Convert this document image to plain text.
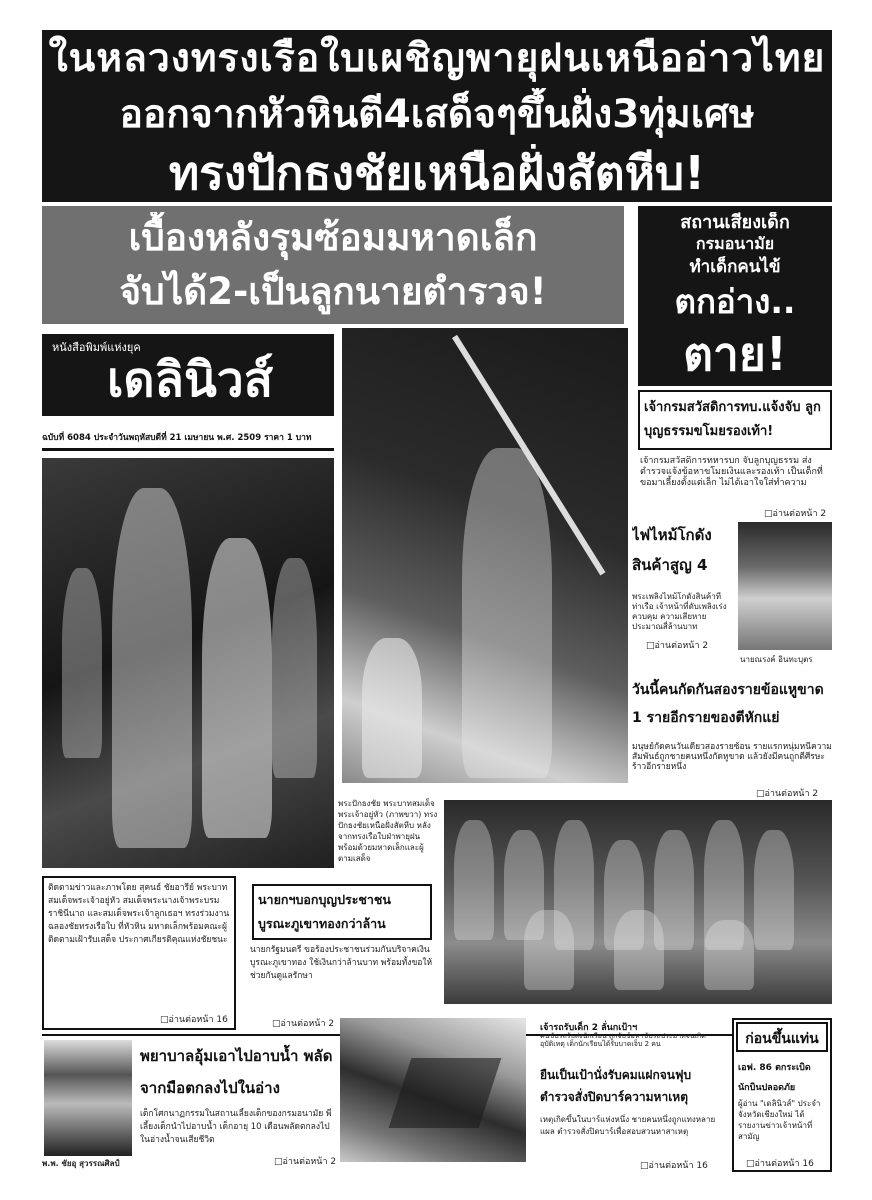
ในหลวงทรงเรือใบเผชิญพายุฝนเหนืออ่าวไทย
ออกจากหัวหินตี4เสด็จๆขึ้นฝั่ง3ทุ่มเศษ
ทรงปักธงชัยเหนือฝั่งสัตหีบ!
เบื้องหลังรุมซ้อมมหาดเล็ก
จับได้2-เป็นลูกนายตำรวจ!
สถานเสียงเด็ก
กรมอนามัย
ทำเด็กคนไข้
ตกอ่าง..
ตาย!
หนังสือพิมพ์แห่งยุค
เดลินิวส์
ฉบับที่ 6084 ประจำวันพฤหัสบดีที่ 21 เมษายน พ.ศ. 2509 ราคา 1 บาท
พระปักธงชัย พระบาทสมเด็จพระเจ้าอยู่หัว (ภาพขวา) ทรงปักธงชัยเหนือฝั่งสัตหีบ หลังจากทรงเรือใบฝ่าพายุฝน พร้อมด้วยมหาดเล็กและผู้ตามเสด็จ
เจ้ากรมสวัสดิการทบ.แจ้งจับ ลูกบุญธรรมขโมยรองเท้า!
เจ้ากรมสวัสดิการทหารบก จับลูกบุญธรรม ส่งตำรวจแจ้งข้อหาขโมยเงินและรองเท้า เป็นเด็กที่ขอมาเลี้ยงตั้งแต่เล็ก ไม่ได้เอาใจใส่ทำความ
□ อ่านต่อหน้า 2
ไฟไหม้โกดังสินค้าสูญ 4
พระเพลิงไหม้โกดังสินค้าที่ท่าเรือ เจ้าหน้าที่ดับเพลิงเร่งควบคุม ความเสียหายประมาณสี่ล้านบาท
□ อ่านต่อหน้า 2
นายณรงค์ อินทะบุตร
วันนี้คนกัดกันสองรายข้อแหูขาด 1 รายอีกรายของตีหักแย่
มนุษย์กัดคนวันเดียวสองรายซ้อน รายแรกหนุ่มหนีความสัมพันธ์ถูกชายคนหนึ่งกัดหูขาด แล้วยังมีคนถูกตีศีรษะร้าวอีกรายหนึ่ง
□ อ่านต่อหน้า 2
ติดตามข่าวและภาพโดย สุคนธ์ ชัยอารีย์ พระบาทสมเด็จพระเจ้าอยู่หัว สมเด็จพระนางเจ้าพระบรมราชินีนาถ และสมเด็จพระเจ้าลูกเธอฯ ทรงร่วมงาน ฉลองชัยทรงเรือใบ ที่หัวหิน มหาดเล็กพร้อมคณะผู้ติดตามเฝ้ารับเสด็จ ประกาศเกียรติคุณแห่งชัยชนะ
□ อ่านต่อหน้า 16
นายกฯบอกบุญประชาชน บูรณะภูเขาทองกว่าล้าน
นายกรัฐมนตรี ขอร้องประชาชนร่วมกันบริจาคเงินบูรณะภูเขาทอง ใช้เงินกว่าล้านบาท พร้อมทั้งขอให้ช่วยกันดูแลรักษา
□ อ่านต่อหน้า 2
พ.พ. ชัยอุ สุวรรณศิลป์
พยาบาลอุ้มเอาไปอาบน้ำ พลัดจากมือตกลงไปในอ่าง
เด็กโศกนาฏกรรมในสถานเลี้ยงเด็กของกรมอนามัย พี่เลี้ยงเด็กนำไปอาบน้ำ เด็กอายุ 10 เดือนพลัดตกลงไปในอ่างน้ำจนเสียชีวิต
□ อ่านต่อหน้า 2
เจ้ารถรับเด็ก 2 ลั่นกเป้าฯ
คนขับรถรับส่งนักเรียน ถูกจับข้อหาขับรถประมาทจนเกิดอุบัติเหตุ เด็กนักเรียนได้รับบาดเจ็บ 2 คน
ยืนเป็นเป้านั่งรับคมแฝกจนฟุบ ตำรวจสั่งปิดบาร์ความหาเหตุ
เหตุเกิดขึ้นในบาร์แห่งหนึ่ง ชายคนหนึ่งถูกแทงหลายแผล ตำรวจสั่งปิดบาร์เพื่อสอบสวนหาสาเหตุ
□ อ่านต่อหน้า 16
ก่อนขึ้นแท่น
เอฟ. 86 ตกระเบิด
นักบินปลอดภัย
ผู้อ่าน "เดลินิวส์" ประจำจังหวัดเชียงใหม่ ได้รายงานข่าวเจ้าหน้าที่สามัญ
□ อ่านต่อหน้า 16
